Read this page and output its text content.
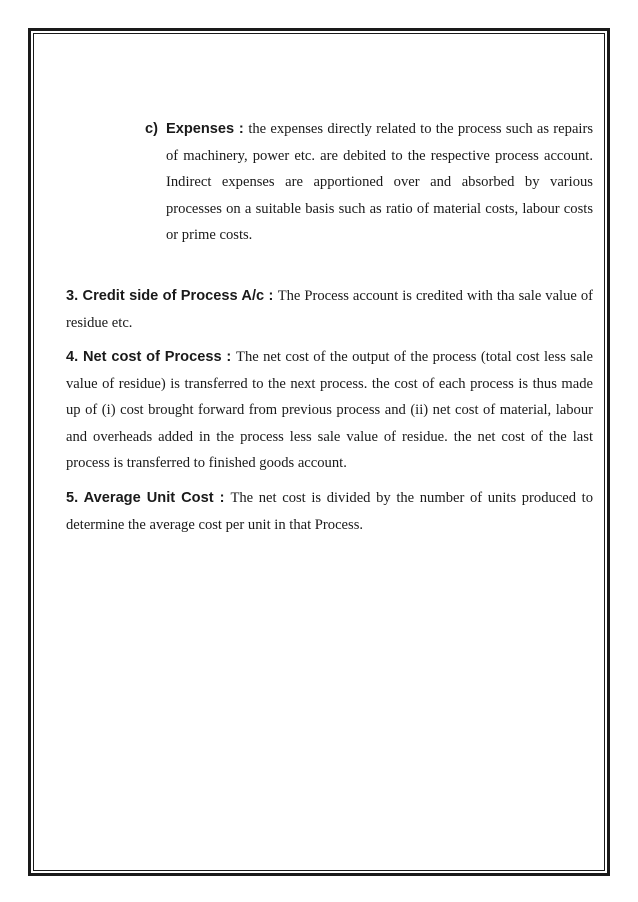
c) Expenses : the expenses directly related to the process such as repairs of machinery, power etc. are debited to the respective process account. Indirect expenses are apportioned over and absorbed by various processes on a suitable basis such as ratio of material costs, labour costs or prime costs.
3. Credit side of Process A/c : The Process account is credited with tha sale value of residue etc.
4. Net cost of Process : The net cost of the output of the process (total cost less sale value of residue) is transferred to the next process. the cost of each process is thus made up of (i) cost brought forward from previous process and (ii) net cost of material, labour and overheads added in the process less sale value of residue. the net cost of the last process is transferred to finished goods account.
5. Average Unit Cost : The net cost is divided by the number of units produced to determine the average cost per unit in that Process.
